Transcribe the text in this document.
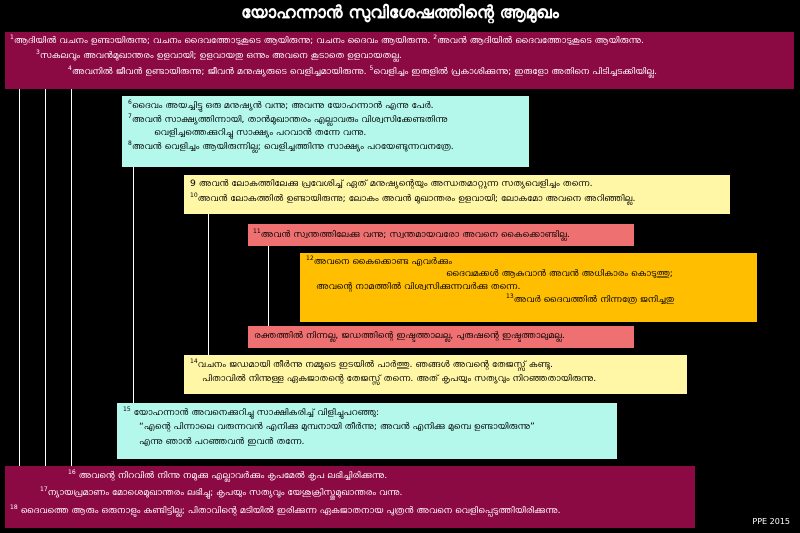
യോഹന്നാൻ സുവിശേഷത്തിന്റെ ആമുഖം
$^1$ആദിയിൽ വചനം ഉണ്ടായിരുന്നു; വചനം ദൈവത്തോടുകൂടെ ആയിരുന്നു; വചനം ദൈവം ആയിരുന്നു. $^2$അവൻ ആദിയിൽ ദൈവത്തോടുകൂടെ ആയിരുന്നു.
$^3$സകലവും അവൻമുഖാന്തരം ഉളവായി; ഉളവായതു ഒന്നും അവനെ കൂടാതെ ഉളവായതല്ല.
$^4$അവനിൽ ജീവൻ ഉണ്ടായിരുന്നു; ജീവൻ മനുഷ്യരുടെ വെളിച്ചമായിരുന്നു. $^5$വെളിച്ചം ഇരുളിൽ പ്രകാശിക്കുന്നു; ഇരുളോ അതിനെ പിടിച്ചടക്കിയില്ല.
$^6$ദൈവം അയച്ചിട്ടു ഒരു മനുഷ്യൻ വന്നു; അവന്നു യോഹന്നാൻ എന്നു പേർ.
$^7$അവൻ സാക്ഷ്യത്തിന്നായി, താൻമുഖാന്തരം എല്ലാവരും വിശ്വസിക്കേണ്ടതിന്നു
വെളിച്ചത്തെക്കുറിച്ചു സാക്ഷ്യം പറവാൻ തന്നേ വന്നു.
$^8$അവൻ വെളിച്ചം ആയിരുന്നില്ല; വെളിച്ചത്തിന്നു സാക്ഷ്യം പറയേണ്ടുന്നവനത്രേ.
9 അവൻ ലോകത്തിലേക്കു പ്രവേശിച്ച് ഏത് മനുഷ്യന്റെയും അന്ധതമാറ്റുന്ന സത്യവെളിച്ചം തന്നെ.
$^{10}$അവൻ ലോകത്തിൽ ഉണ്ടായിരുന്നു; ലോകം അവൻ മുഖാന്തരം ഉളവായി; ലോകമോ അവനെ അറിഞ്ഞില്ല.
$^{11}$അവൻ സ്വന്തത്തിലേക്കു വന്നു; സ്വന്തമായവരോ അവനെ കൈക്കൊണ്ടില്ല.
$^{12}$അവനെ കൈക്കൊണ്ട എവർക്കും
ദൈവമക്കൾ ആകുവാൻ അവൻ അധികാരം കൊടുത്തു;
അവന്റെ നാമത്തിൽ വിശ്വസിക്കുന്നവർക്കു തന്നെ.
$^{13}$അവർ ദൈവത്തിൽ നിന്നത്രേ ജനിച്ചതു
രക്തത്തിൽ നിന്നല്ല, ജഡത്തിന്റെ ഇഷ്ടത്താലല്ല, പുരുഷന്റെ ഇഷ്ടത്താലുമല്ല.
$^{14}$വചനം ജഡമായി തീർന്നു നമ്മുടെ ഇടയിൽ പാർത്തു. ഞങ്ങൾ അവന്റെ തേജസ്സ് കണ്ടു.
പിതാവിൽ നിന്നുള്ള ഏകജാതന്റെ തേജസ്സ് തന്നെ. അത് കൃപയും സത്യവും നിറഞ്ഞതായിരുന്നു.
$^{15}$ യോഹന്നാൻ അവനെക്കുറിച്ചു സാക്ഷികരിച്ച് വിളിച്ചുപറഞ്ഞു:
“എന്റെ പിന്നാലെ വരുന്നവൻ എനിക്കു മുമ്പനായി തീർന്നു; അവൻ എനിക്കു മുമ്പെ ഉണ്ടായിരുന്നു”
എന്നു ഞാൻ പറഞ്ഞവൻ ഇവൻ തന്നേ.
$^{16}$ അവന്റെ നിറവിൽ നിന്നു നമുക്കു എല്ലാവർക്കും കൃപമേൽ കൃപ ലഭിച്ചിരിക്കുന്നു.
$^{17}$ന്യായപ്രമാണം മോശെമുഖാന്തരം ലഭിച്ചു; കൃപയും സത്യവും യേശുക്രിസ്തുമുഖാന്തരം വന്നു.
$^{18}$ ദൈവത്തെ ആരും ഒരുനാളും കണ്ടിട്ടില്ല; പിതാവിന്റെ മടിയിൽ ഇരിക്കുന്ന ഏകജാതനായ പുത്രൻ അവനെ വെളിപ്പെടുത്തിയിരിക്കുന്നു.
PPE 2015
